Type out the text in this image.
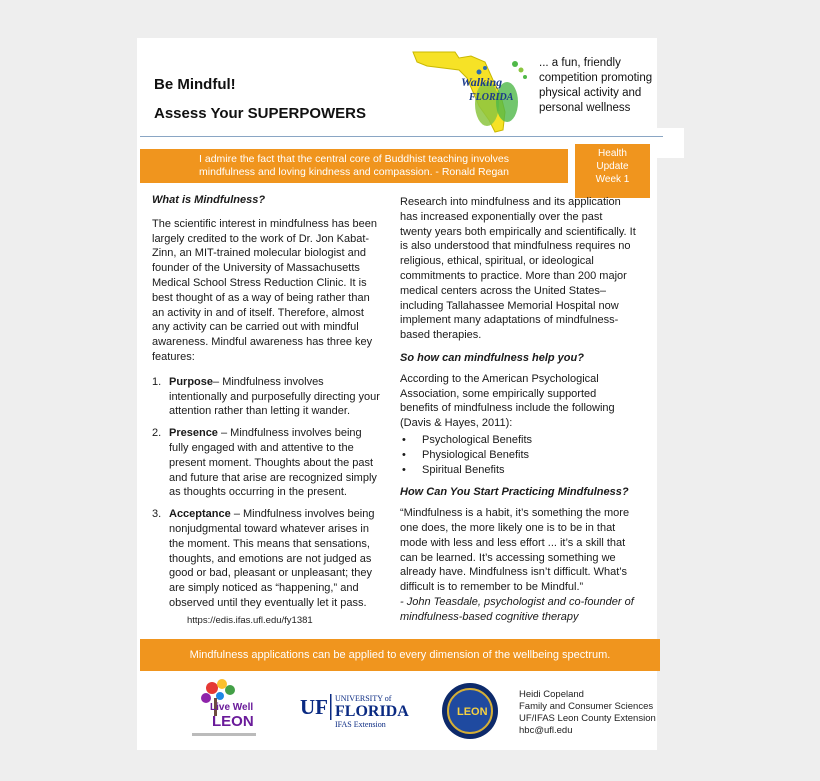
Be Mindful!
Assess Your SUPERPOWERS
Walking
FLORIDA
... a fun, friendly competition promoting physical activity and personal wellness
I admire the fact that the central core of Buddhist teaching involves
mindfulness and loving kindness and compassion. - Ronald Regan
Health
Update
Week 1

What is Mindfulness?

The scientific interest in mindfulness has been largely credited to the work of Dr. Jon Kabat-Zinn, an MIT-trained molecular biologist and founder of the University of Massachusetts Medical School Stress Reduction Clinic. It is best thought of as a way of being rather than an activity in and of itself. Therefore, almost any activity can be carried out with mindful awareness. Mindful awareness has three key features:

1. Purpose– Mindfulness involves intentionally and purposefully directing your attention rather than letting it wander.
2. Presence – Mindfulness involves being fully engaged with and attentive to the present moment. Thoughts about the past and future that arise are recognized simply as thoughts occurring in the present.
3. Acceptance – Mindfulness involves being nonjudgmental toward whatever arises in the moment. This means that sensations, thoughts, and emotions are not judged as good or bad, pleasant or unpleasant; they are simply noticed as “happening,” and observed until they eventually let it pass.
https://edis.ifas.ufl.edu/fy1381

Research into mindfulness and its application has increased exponentially over the past twenty years both empirically and scientifically. It is also understood that mindfulness requires no religious, ethical, spiritual, or ideological commitments to practice. More than 200 major medical centers across the United States– including Tallahassee Memorial Hospital now implement many adaptations of mindfulness-based therapies.

So how can mindfulness help you?

According to the American Psychological Association, some empirically supported benefits of mindfulness include the following (Davis & Hayes, 2011):

• Psychological Benefits
• Physiological Benefits
• Spiritual Benefits

How Can You Start Practicing Mindfulness?

“Mindfulness is a habit, it’s something the more one does, the more likely one is to be in that mode with less and less effort ... it’s a skill that can be learned. It’s accessing something we already have. Mindfulness isn’t difficult. What’s difficult is to remember to be Mindful.”

- John Teasdale, psychologist and co-founder of mindfulness-based cognitive therapy

Mindfulness applications can be applied to every dimension of the wellbeing spectrum.
Live Well
LEON
UF UNIVERSITY of
FLORIDA
IFAS Extension
LEON
Heidi Copeland
Family and Consumer Sciences
UF/IFAS Leon County Extension
hbc@ufl.edu
